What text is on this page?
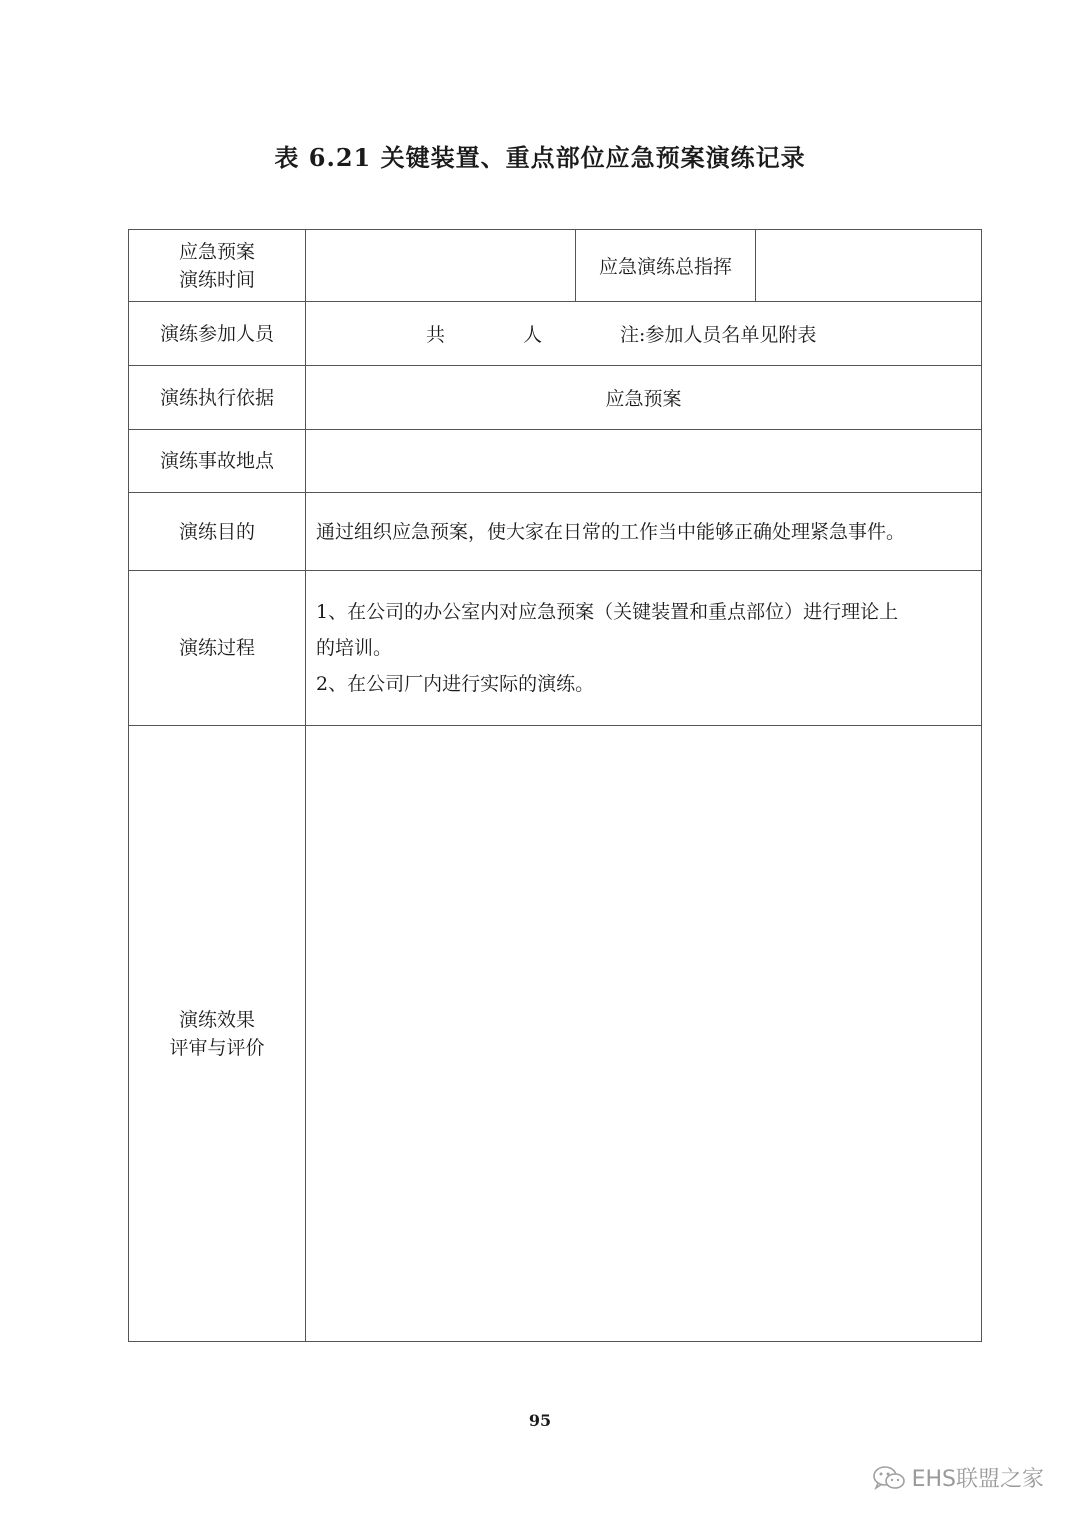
表 6.21 关键装置、重点部位应急预案演练记录
应急预案
演练时间		应急演练总指挥	
演练参加人员	共 人 注:参加人员名单见附表		
演练执行依据	应急预案		
演练事故地点			
演练目的	通过组织应急预案，使大家在日常的工作当中能够正确处理紧急事件。		
演练过程	1、在公司的办公室内对应急预案（关键装置和重点部位）进行理论上
的培训。
2、在公司厂内进行实际的演练。		

演练效果
评审与评价			
95
EHS联盟之家
